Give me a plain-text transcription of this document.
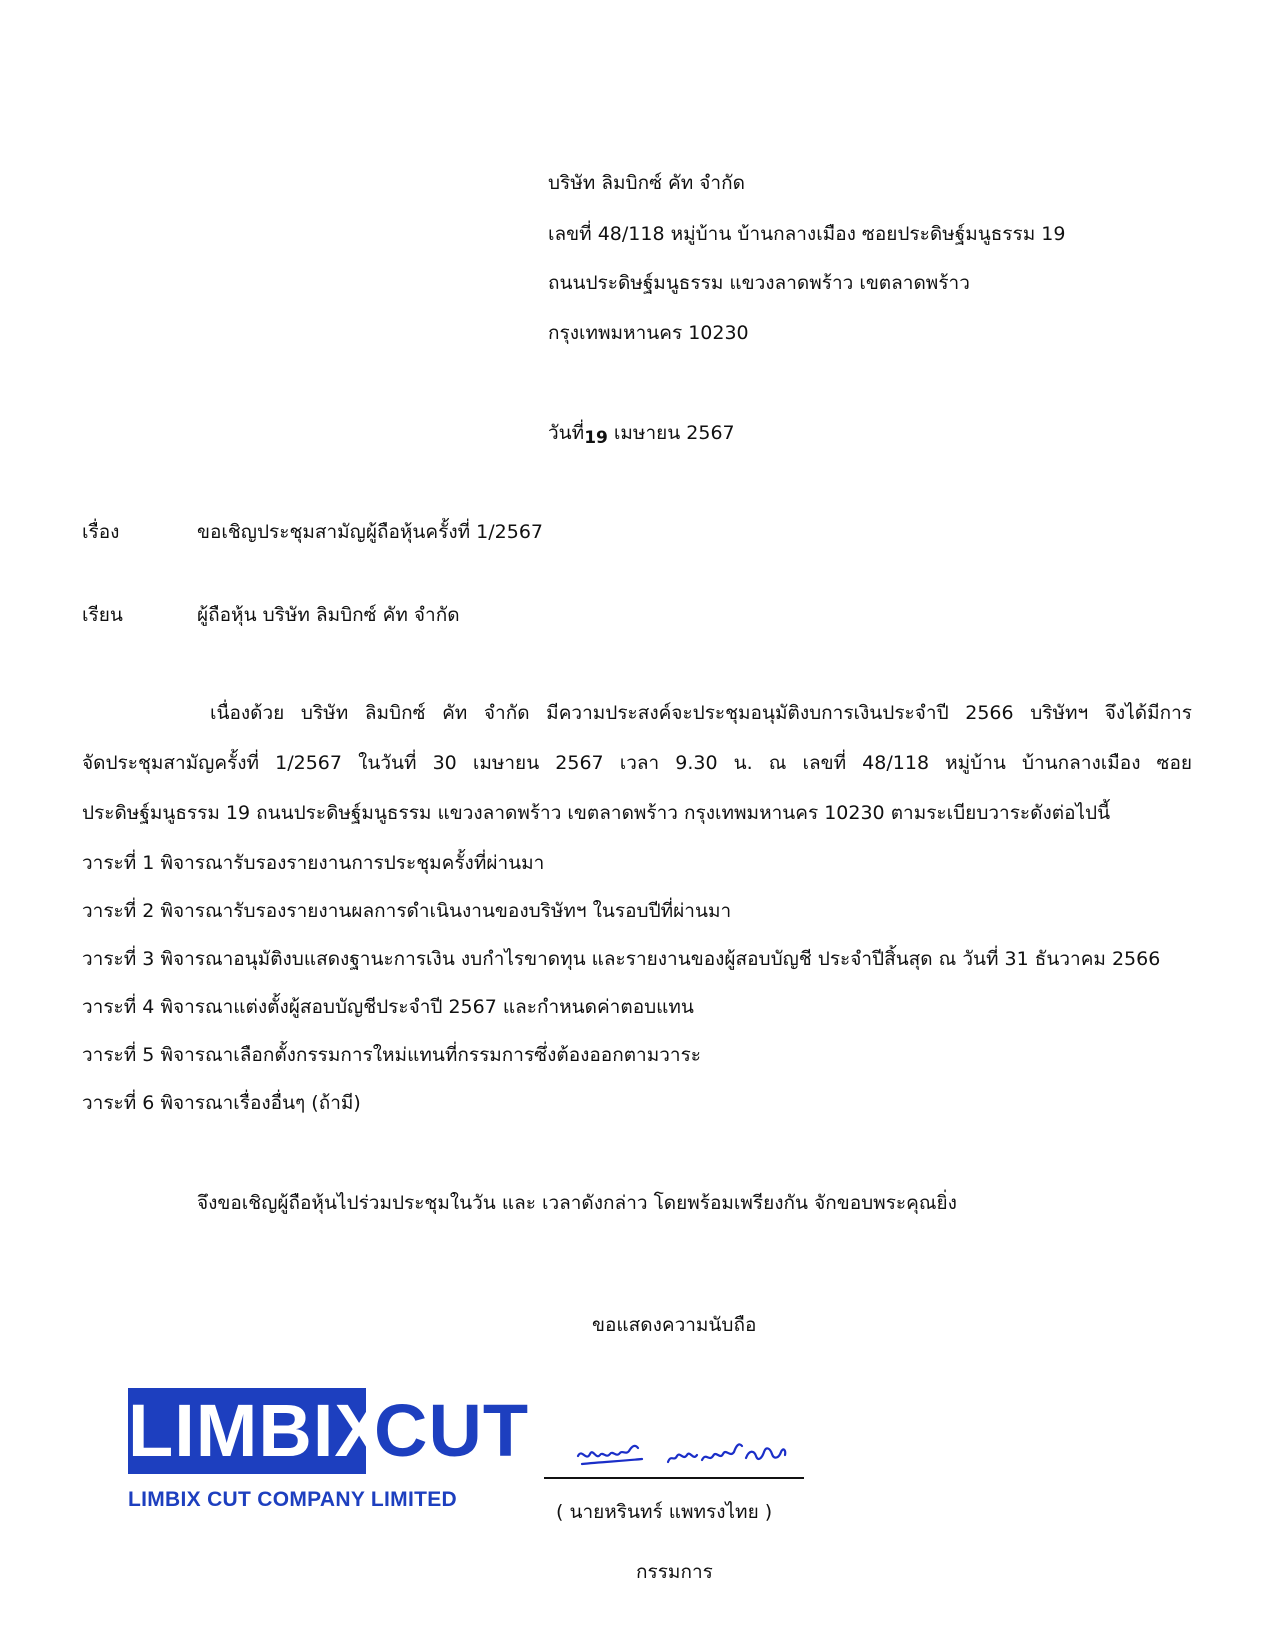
บริษัท ลิมบิกซ์ คัท จำกัด
เลขที่ 48/118 หมู่บ้าน บ้านกลางเมือง ซอยประดิษฐ์มนูธรรม 19
ถนนประดิษฐ์มนูธรรม แขวงลาดพร้าว เขตลาดพร้าว
กรุงเทพมหานคร 10230
วันที่19 เมษายน 2567
เรื่อง	ขอเชิญประชุมสามัญผู้ถือหุ้นครั้งที่ 1/2567
เรียน	ผู้ถือหุ้น บริษัท ลิมบิกซ์ คัท จำกัด
เนื่องด้วย บริษัท ลิมบิกซ์ คัท จำกัด มีความประสงค์จะประชุมอนุมัติงบการเงินประจำปี 2566 บริษัทฯ จึงได้มีการ
จัดประชุมสามัญครั้งที่ 1/2567 ในวันที่ 30 เมษายน 2567 เวลา 9.30 น. ณ เลขที่ 48/118 หมู่บ้าน บ้านกลางเมือง ซอย
ประดิษฐ์มนูธรรม 19 ถนนประดิษฐ์มนูธรรม แขวงลาดพร้าว เขตลาดพร้าว กรุงเทพมหานคร 10230 ตามระเบียบวาระดังต่อไปนี้
วาระที่ 1 พิจารณารับรองรายงานการประชุมครั้งที่ผ่านมา
วาระที่ 2 พิจารณารับรองรายงานผลการดำเนินงานของบริษัทฯ ในรอบปีที่ผ่านมา
วาระที่ 3 พิจารณาอนุมัติงบแสดงฐานะการเงิน งบกำไรขาดทุน และรายงานของผู้สอบบัญชี ประจำปีสิ้นสุด ณ วันที่ 31 ธันวาคม 2566
วาระที่ 4 พิจารณาแต่งตั้งผู้สอบบัญชีประจำปี 2567 และกำหนดค่าตอบแทน
วาระที่ 5 พิจารณาเลือกตั้งกรรมการใหม่แทนที่กรรมการซึ่งต้องออกตามวาระ
วาระที่ 6 พิจารณาเรื่องอื่นๆ (ถ้ามี)
จึงขอเชิญผู้ถือหุ้นไปร่วมประชุมในวัน และ เวลาดังกล่าว โดยพร้อมเพรียงกัน จักขอบพระคุณยิ่ง
ขอแสดงความนับถือ
LIMBIX
CUT
LIMBIX CUT COMPANY LIMITED
( นายหรินทร์ แพทรงไทย )
กรรมการ
